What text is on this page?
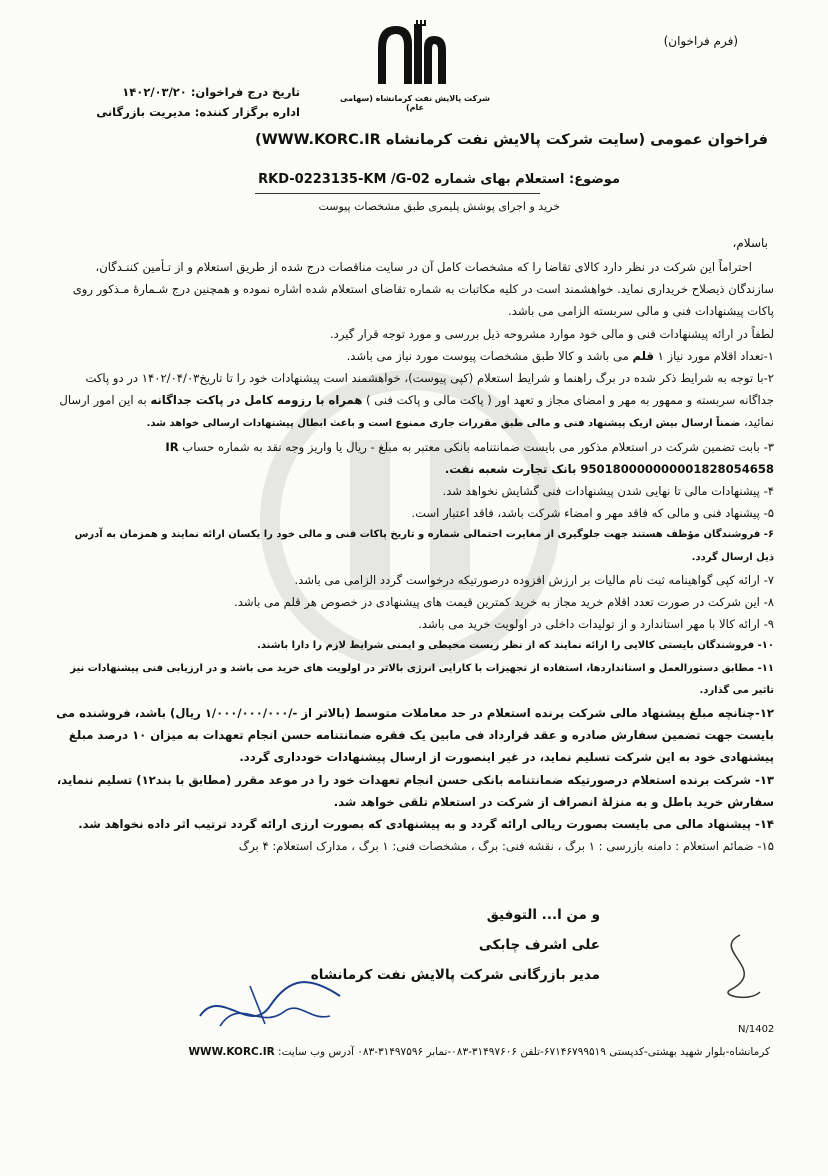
(فرم فراخوان)
شرکت پالایش نفت کرمانشاه (سهامی عام)
تاریخ درج فراخوان: ۱۴۰۲/۰۳/۲۰
اداره برگزار کننده: مدیریت بازرگانی
فراخوان عمومی (سایت شرکت پالایش نفت کرمانشاه WWW.KORC.IR)
موضوع: استعلام بهای شماره RKD-0223135-KM /G-02
خرید و اجرای پوشش پلیمری طبق مشخصات پیوست
باسلام،

احتراماً این شرکت در نظر دارد کالای تقاضا را که مشخصات کامل آن در سایت مناقصات درج شده از طریق استعلام و از تـأمین کننـدگان، سازندگان ذیصلاح خریداری نماید. خواهشمند است در کلیه مکاتبات به شماره تقاضای استعلام شده اشاره نموده و همچنین درج شـمارهٔ مـذکور روی پاکات پیشنهادات فنی و مالی سربسته الزامی می باشد.

لطفاً در ارائه پیشنهادات فنی و مالی خود موارد مشروحه ذیل بررسی و مورد توجه قرار گیرد.

۱-تعداد اقلام مورد نیاز ۱ قلم می باشد و کالا طبق مشخصات پیوست مورد نیاز می باشد.

۲-با توجه به شرایط ذکر شده در برگ راهنما و شرایط استعلام (کپی پیوست)، خواهشمند است پیشنهادات خود را تا تاریخ۱۴۰۲/۰۴/۰۳ در دو پاکت جداگانه سربسته و ممهور به مهر و امضای مجاز و تعهد اور ( پاکت مالی و پاکت فنی ) همراه با رزومه کامل در پاکت جداگانه به این امور ارسال نمائید، ضمناً ارسال بیش ازیک پیشنهاد فنی و مالی طبق مقررات جاری ممنوع است و باعث ابطال پیشنهادات ارسالی خواهد شد.

۳- بابت تضمین شرکت در استعلام مذکور می بایست ضمانتنامه بانکی معتبر به مبلغ - ریال یا واریز وجه نقد به شماره حساب IR 950180000000001828054658 بانک تجارت شعبه نفت.

۴- پیشنهادات مالی تا نهایی شدن پیشنهادات فنی گشایش نخواهد شد.

۵- پیشنهاد فنی و مالی که فاقد مهر و امضاء شرکت باشد، فاقد اعتبار است.

۶- فروشندگان مؤظف هستند جهت جلوگیری از مغایرت احتمالی شماره و تاریخ پاکات فنی و مالی خود را یکسان ارائه نمایند و همزمان به آدرس ذیل ارسال گردد.

۷- ارائه کپی گواهینامه ثبت نام مالیات بر ارزش افزوده درصورتیکه درخواست گردد الزامی می باشد.

۸- این شرکت در صورت تعدد اقلام خرید مجاز به خرید کمترین قیمت های پیشنهادی در خصوص هر قلم می باشد.

۹- ارائه کالا با مهر استاندارد و از تولیدات داخلی در اولویت خرید می باشد.

۱۰- فروشندگان بایستی کالایی را ارائه نمایند که از نظر زیست محیطی و ایمنی شرایط لازم را دارا باشند.

۱۱- مطابق دستورالعمل و استانداردها، استفاده از تجهیزات با کارایی انرژی بالاتر در اولویت های خرید می باشد و در ارزیابی فنی پیشنهادات نیز تاثیر می گذارد.

۱۲-چنانچه مبلغ پیشنهاد مالی شرکت برنده استعلام در حد معاملات متوسط (بالاتر از -/۱/۰۰۰/۰۰۰/۰۰۰ ریال) باشد، فروشنده می بایست جهت تضمین سفارش صادره و عقد قرارداد فی مابین یک فقره ضمانتنامه حسن انجام تعهدات به میزان ۱۰ درصد مبلغ پیشنهادی خود به این شرکت تسلیم نماید، در غیر اینصورت از ارسال پیشنهادات خودداری گردد.

۱۳- شرکت برنده استعلام درصورتیکه ضمانتنامه بانکی حسن انجام تعهدات خود را در موعد مقرر (مطابق با بند۱۲) تسلیم ننماید، سفارش خرید باطل و به منزلهٔ انصراف از شرکت در استعلام تلقی خواهد شد.

۱۴- پیشنهاد مالی می بایست بصورت ریالی ارائه گردد و به پیشنهادی که بصورت ارزی ارائه گردد ترتیب اثر داده نخواهد شد.

۱۵- ضمائم استعلام : دامنه بازرسی : ۱ برگ ، نقشه فنی: برگ ، مشخصات فنی: ۱ برگ ، مدارک استعلام: ۴ برگ

و من ا... التوفیق
علی اشرف چابکی
مدیر بازرگانی شرکت پالایش نفت کرمانشاه
N/1402
کرمانشاه-بلوار شهید بهشتی-کدپستی ۶۷۱۴۶۷۹۹۵۱۹-تلفن ۳۱۴۹۷۶۰۶-۰۸۳-نمابر ۳۱۴۹۷۵۹۶-۰۸۳ آدرس وب سایت: WWW.KORC.IR
